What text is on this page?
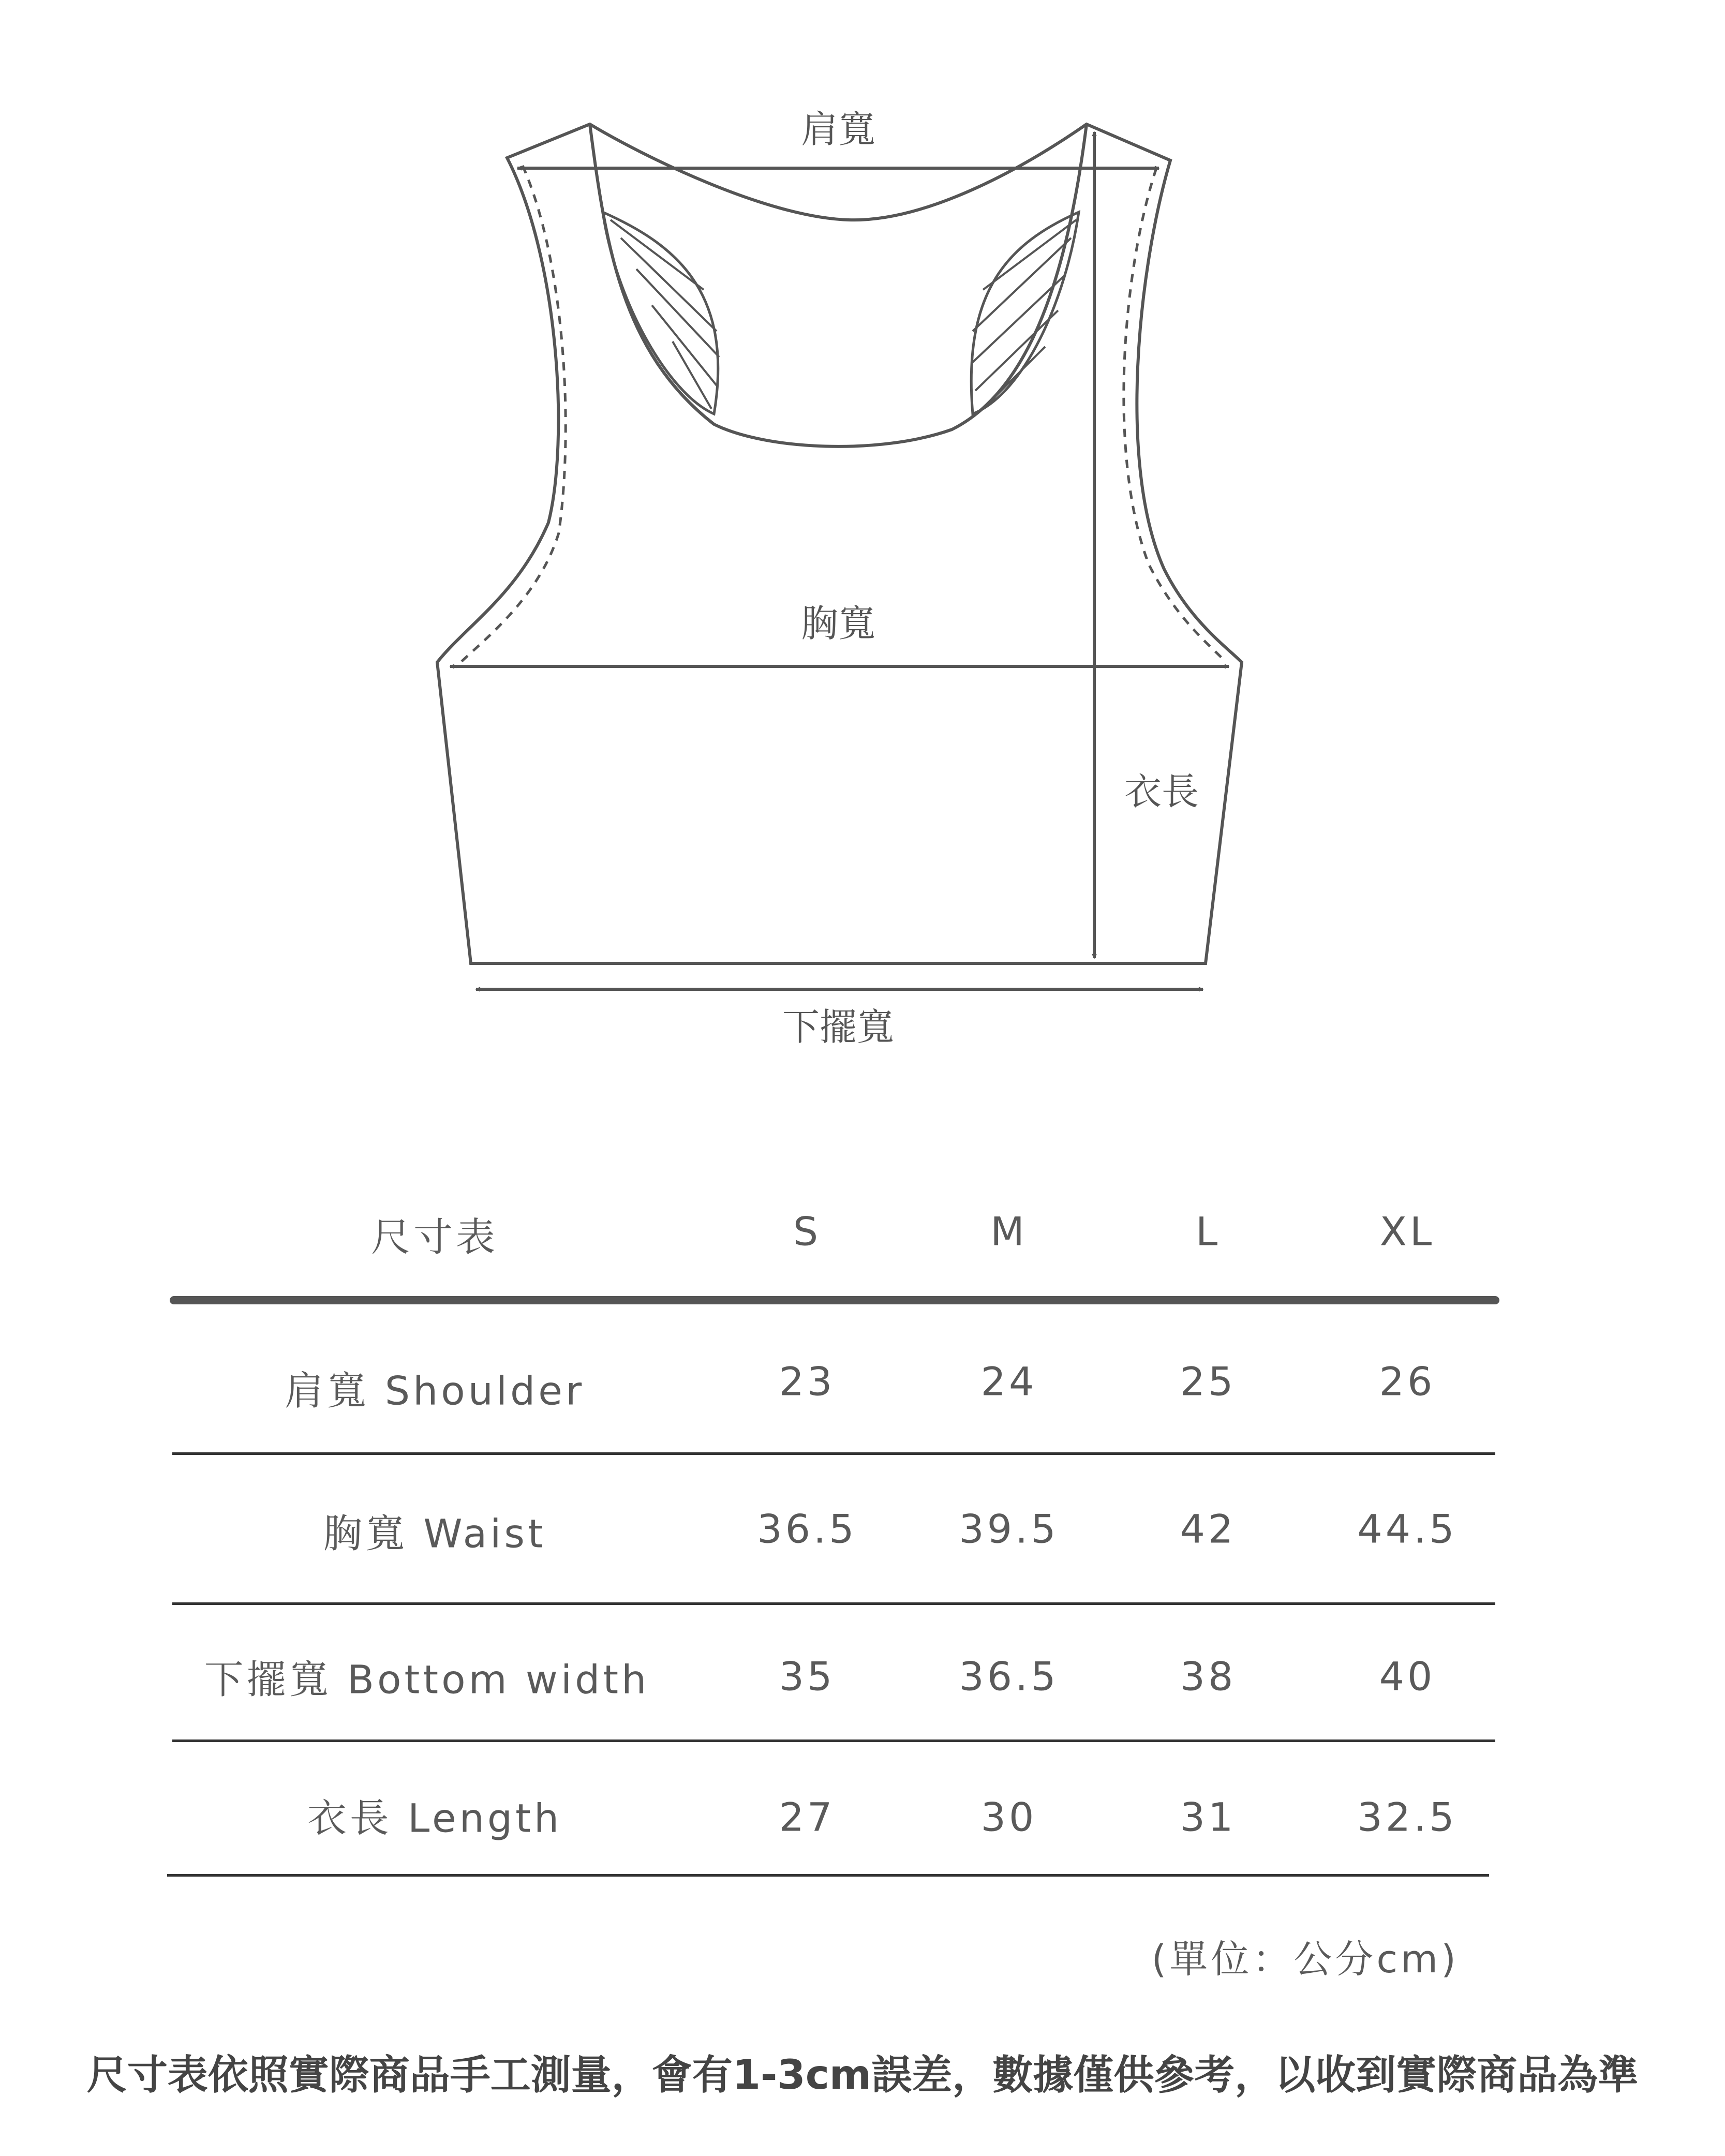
肩寬
胸寬
衣長
下擺寬
尺寸表	S	M	L	XL
肩寬 Shoulder	23	24	25	26
胸寬 Waist	36.5	39.5	42	44.5
下擺寬 Bottom width	35	36.5	38	40
衣長 Length	27	30	31	32.5
(單位：公分cm)
尺寸表依照實際商品手工測量，會有1-3cm誤差，數據僅供參考，以收到實際商品為準
